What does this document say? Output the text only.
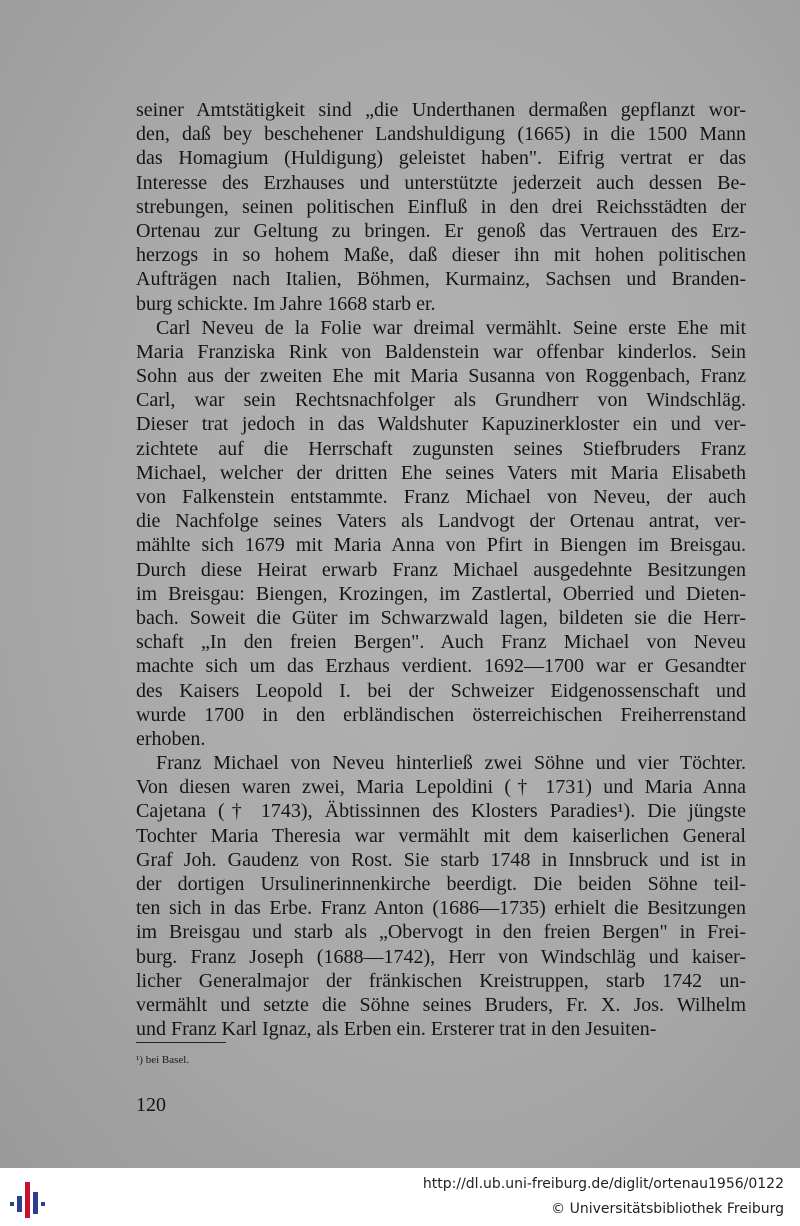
seiner Amtstätigkeit sind „die Underthanen dermaßen gepflanzt wor-
den, daß bey beschehener Landshuldigung (1665) in die 1500 Mann
das Homagium (Huldigung) geleistet haben". Eifrig vertrat er das
Interesse des Erzhauses und unterstützte jederzeit auch dessen Be-
strebungen, seinen politischen Einfluß in den drei Reichsstädten der
Ortenau zur Geltung zu bringen. Er genoß das Vertrauen des Erz-
herzogs in so hohem Maße, daß dieser ihn mit hohen politischen
Aufträgen nach Italien, Böhmen, Kurmainz, Sachsen und Branden-
burg schickte. Im Jahre 1668 starb er.
Carl Neveu de la Folie war dreimal vermählt. Seine erste Ehe mit
Maria Franziska Rink von Baldenstein war offenbar kinderlos. Sein
Sohn aus der zweiten Ehe mit Maria Susanna von Roggenbach, Franz
Carl, war sein Rechtsnachfolger als Grundherr von Windschläg.
Dieser trat jedoch in das Waldshuter Kapuzinerkloster ein und ver-
zichtete auf die Herrschaft zugunsten seines Stiefbruders Franz
Michael, welcher der dritten Ehe seines Vaters mit Maria Elisabeth
von Falkenstein entstammte. Franz Michael von Neveu, der auch
die Nachfolge seines Vaters als Landvogt der Ortenau antrat, ver-
mählte sich 1679 mit Maria Anna von Pfirt in Biengen im Breisgau.
Durch diese Heirat erwarb Franz Michael ausgedehnte Besitzungen
im Breisgau: Biengen, Krozingen, im Zastlertal, Oberried und Dieten-
bach. Soweit die Güter im Schwarzwald lagen, bildeten sie die Herr-
schaft „In den freien Bergen". Auch Franz Michael von Neveu
machte sich um das Erzhaus verdient. 1692—1700 war er Gesandter
des Kaisers Leopold I. bei der Schweizer Eidgenossenschaft und
wurde 1700 in den erbländischen österreichischen Freiherrenstand
erhoben.
Franz Michael von Neveu hinterließ zwei Söhne und vier Töchter.
Von diesen waren zwei, Maria Lepoldini († 1731) und Maria Anna
Cajetana († 1743), Äbtissinnen des Klosters Paradies¹). Die jüngste
Tochter Maria Theresia war vermählt mit dem kaiserlichen General
Graf Joh. Gaudenz von Rost. Sie starb 1748 in Innsbruck und ist in
der dortigen Ursulinerinnenkirche beerdigt. Die beiden Söhne teil-
ten sich in das Erbe. Franz Anton (1686—1735) erhielt die Besitzungen
im Breisgau und starb als „Obervogt in den freien Bergen" in Frei-
burg. Franz Joseph (1688—1742), Herr von Windschläg und kaiser-
licher Generalmajor der fränkischen Kreistruppen, starb 1742 un-
vermählt und setzte die Söhne seines Bruders, Fr. X. Jos. Wilhelm
und Franz Karl Ignaz, als Erben ein. Ersterer trat in den Jesuiten-
¹) bei Basel.
120
http://dl.ub.uni-freiburg.de/diglit/ortenau1956/0122
© Universitätsbibliothek Freiburg
